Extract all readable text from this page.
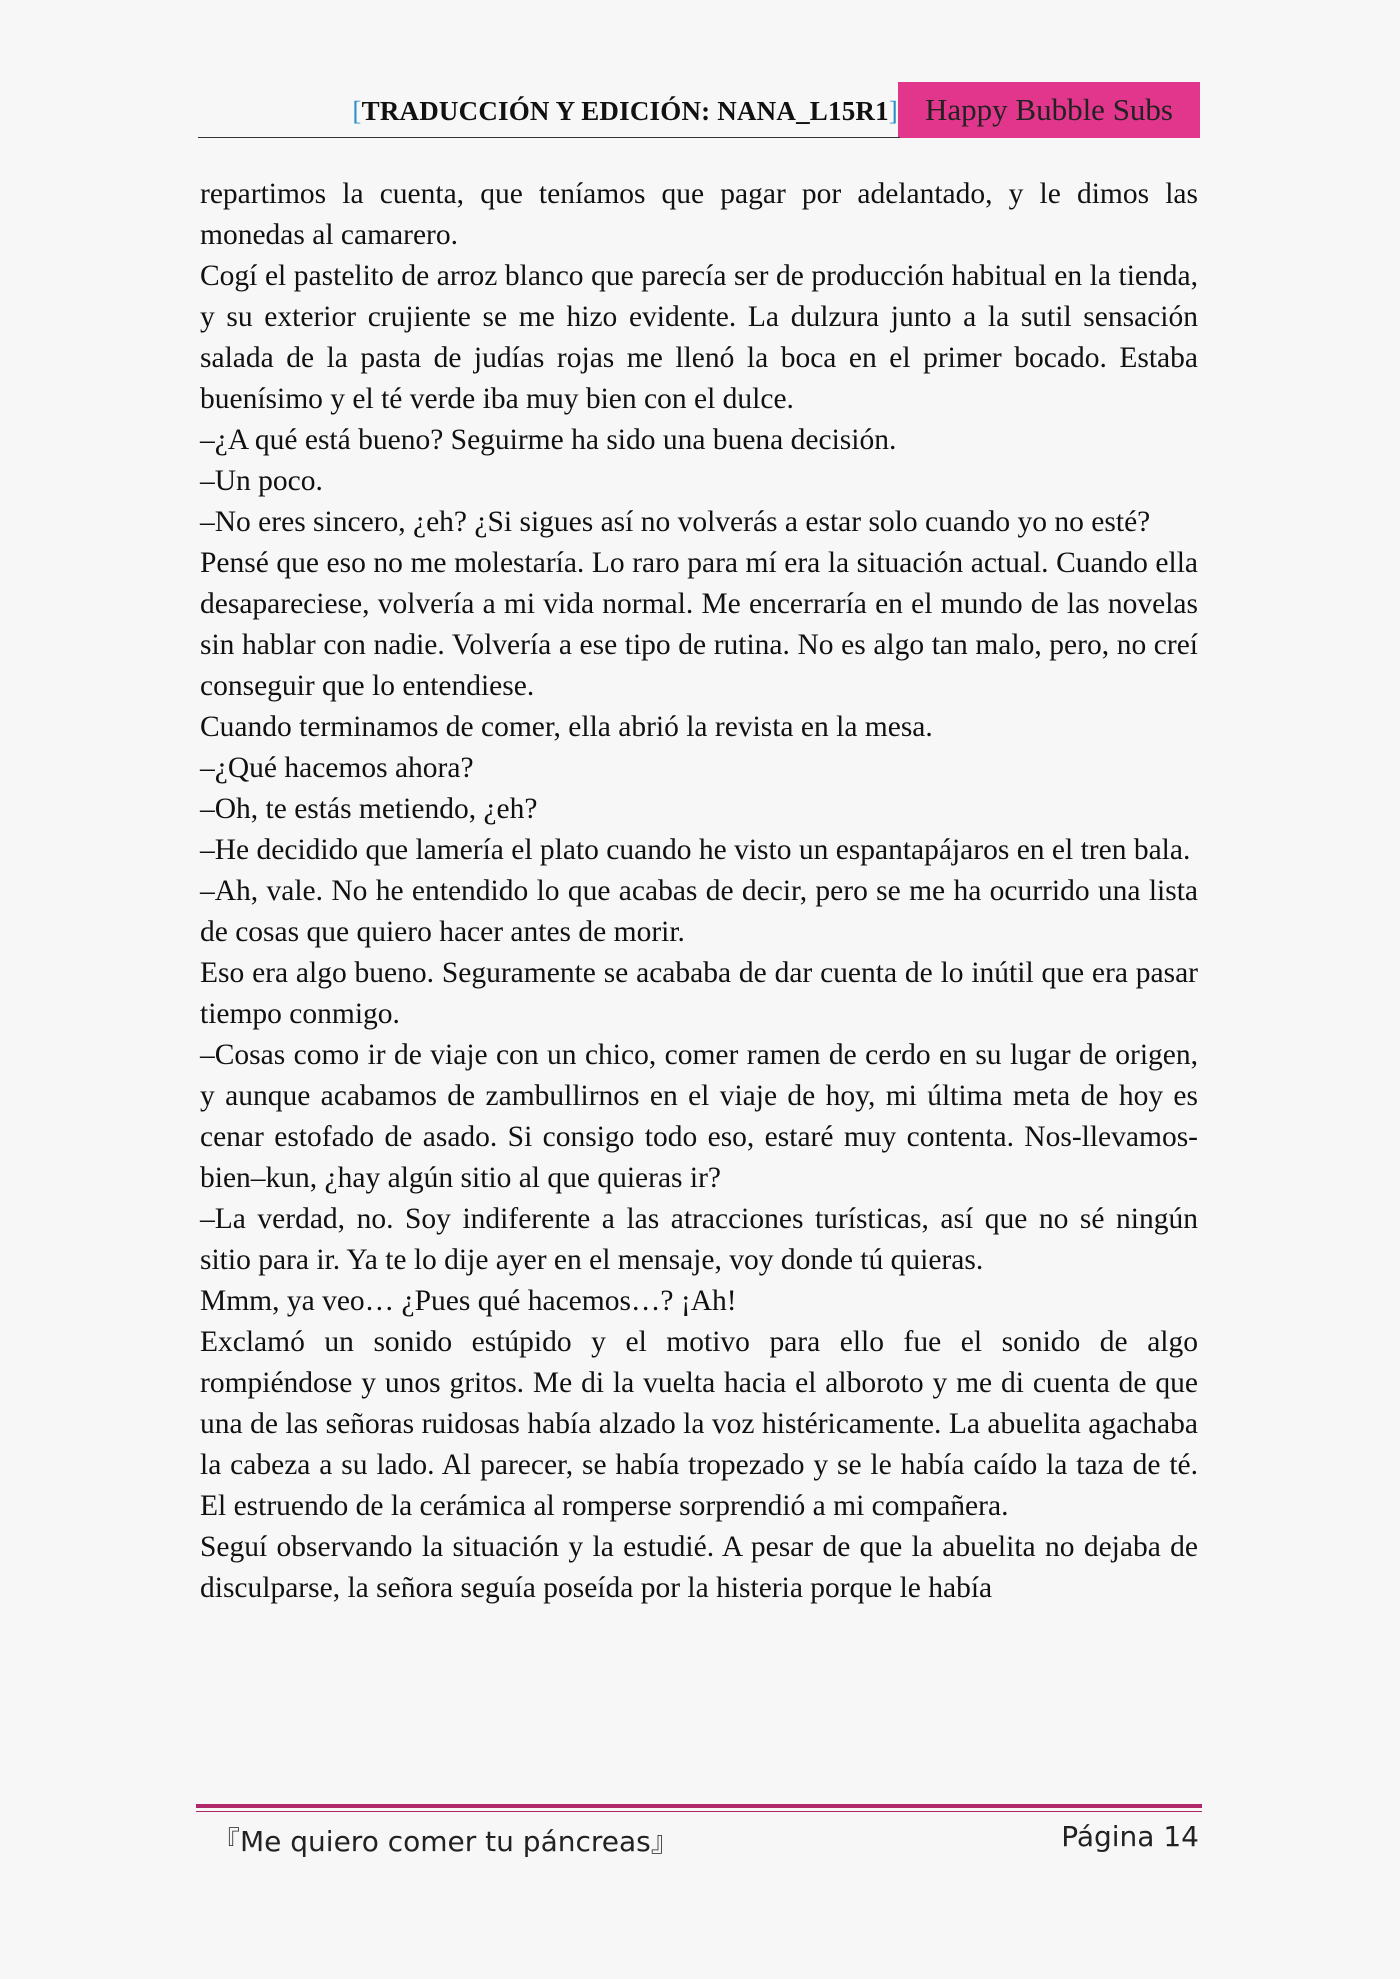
[TRADUCCIÓN Y EDICIÓN: NANA_L15R1] Happy Bubble Subs

repartimos la cuenta, que teníamos que pagar por adelantado, y le dimos las monedas al camarero.

Cogí el pastelito de arroz blanco que parecía ser de producción habitual en la tienda, y su exterior crujiente se me hizo evidente. La dulzura junto a la sutil sensación salada de la pasta de judías rojas me llenó la boca en el primer bocado. Estaba buenísimo y el té verde iba muy bien con el dulce.

–¿A qué está bueno? Seguirme ha sido una buena decisión.

–Un poco.

–No eres sincero, ¿eh? ¿Si sigues así no volverás a estar solo cuando yo no esté?

Pensé que eso no me molestaría. Lo raro para mí era la situación actual. Cuando ella desapareciese, volvería a mi vida normal. Me encerraría en el mundo de las novelas sin hablar con nadie. Volvería a ese tipo de rutina. No es algo tan malo, pero, no creí conseguir que lo entendiese.

Cuando terminamos de comer, ella abrió la revista en la mesa.

–¿Qué hacemos ahora?

–Oh, te estás metiendo, ¿eh?

–He decidido que lamería el plato cuando he visto un espantapájaros en el tren bala.

–Ah, vale. No he entendido lo que acabas de decir, pero se me ha ocurrido una lista de cosas que quiero hacer antes de morir.

Eso era algo bueno. Seguramente se acababa de dar cuenta de lo inútil que era pasar tiempo conmigo.

–Cosas como ir de viaje con un chico, comer ramen de cerdo en su lugar de origen, y aunque acabamos de zambullirnos en el viaje de hoy, mi última meta de hoy es cenar estofado de asado. Si consigo todo eso, estaré muy contenta. Nos-llevamos-bien–kun, ¿hay algún sitio al que quieras ir?

–La verdad, no. Soy indiferente a las atracciones turísticas, así que no sé ningún sitio para ir. Ya te lo dije ayer en el mensaje, voy donde tú quieras.

Mmm, ya veo… ¿Pues qué hacemos…? ¡Ah!

Exclamó un sonido estúpido y el motivo para ello fue el sonido de algo rompiéndose y unos gritos. Me di la vuelta hacia el alboroto y me di cuenta de que una de las señoras ruidosas había alzado la voz histéricamente. La abuelita agachaba la cabeza a su lado. Al parecer, se había tropezado y se le había caído la taza de té. El estruendo de la cerámica al romperse sorprendió a mi compañera.

Seguí observando la situación y la estudié. A pesar de que la abuelita no dejaba de disculparse, la señora seguía poseída por la histeria porque le había

『Me quiero comer tu páncreas』	Página 14
